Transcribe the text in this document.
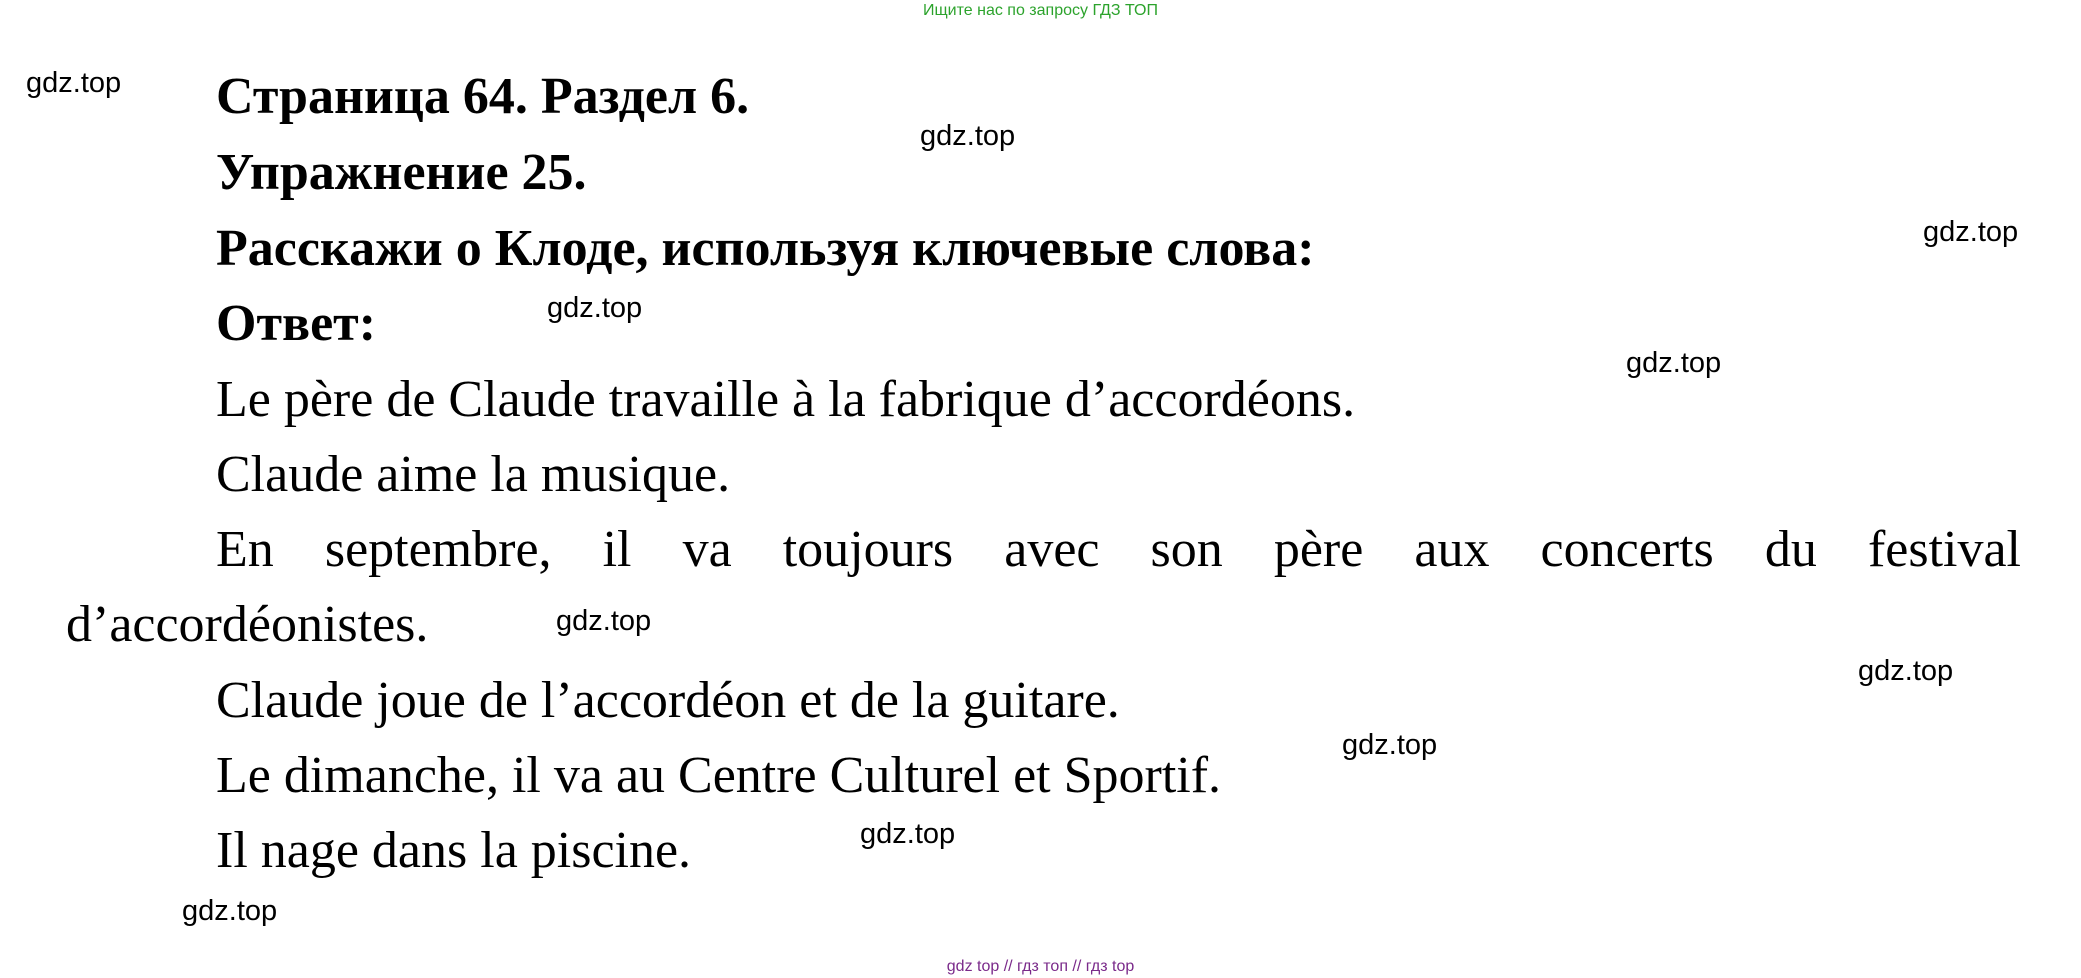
Ищите нас по запросу ГДЗ ТОП
Страница 64. Раздел 6.
Упражнение 25.
Расскажи о Клоде, используя ключевые слова:
Ответ:
Le père de Claude travaille à la fabrique d’accordéons.
Claude aime la musique.
En septembre, il va toujours avec son père aux concerts du festival
d’accordéonistes.
Claude joue de l’accordéon et de la guitare.
Le dimanche, il va au Centre Culturel et Sportif.
Il nage dans la piscine.
gdz.top
gdz.top
gdz.top
gdz.top
gdz.top
gdz.top
gdz.top
gdz.top
gdz.top
gdz.top
gdz top // гдз топ // гдз top
